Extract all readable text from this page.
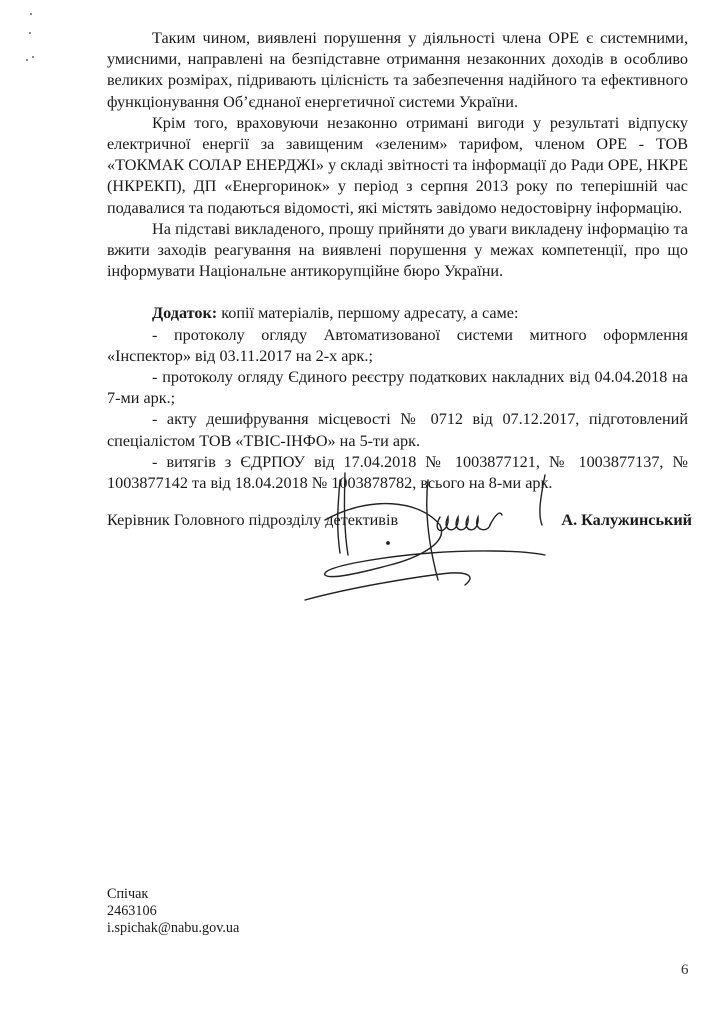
Таким чином, виявлені порушення у діяльності члена ОРЕ є системними, умисними, направлені на безпідставне отримання незаконних доходів в особливо великих розмірах, підривають цілісність та забезпечення надійного та ефективного функціонування Об’єднаної енергетичної системи України.

Крім того, враховуючи незаконно отримані вигоди у результаті відпуску електричної енергії за завищеним «зеленим» тарифом, членом ОРЕ - ТОВ «ТОКМАК СОЛАР ЕНЕРДЖІ» у складі звітності та інформації до Ради ОРЕ, НКРЕ (НКРЕКП), ДП «Енергоринок» у період з серпня 2013 року по теперішній час подавалися та подаються відомості, які містять завідомо недостовірну інформацію.

На підставі викладеного, прошу прийняти до уваги викладену інформацію та вжити заходів реагування на виявлені порушення у межах компетенції, про що інформувати Національне антикорупційне бюро України.

Додаток: копії матеріалів, першому адресату, а саме:

- протоколу огляду Автоматизованої системи митного оформлення «Інспектор» від 03.11.2017 на 2-х арк.;

- протоколу огляду Єдиного реєстру податкових накладних від 04.04.2018 на 7-ми арк.;

- акту дешифрування місцевості № 0712 від 07.12.2017, підготовлений спеціалістом ТОВ «ТВІС-ІНФО» на 5-ти арк.

- витягів з ЄДРПОУ від 17.04.2018 № 1003877121, № 1003877137, № 1003877142 та від 18.04.2018 № 1003878782, всього на 8-ми арк.

Керівник Головного підрозділу детективів	А. Калужинський
Спічак
2463106
i.spichak@nabu.gov.ua
6
